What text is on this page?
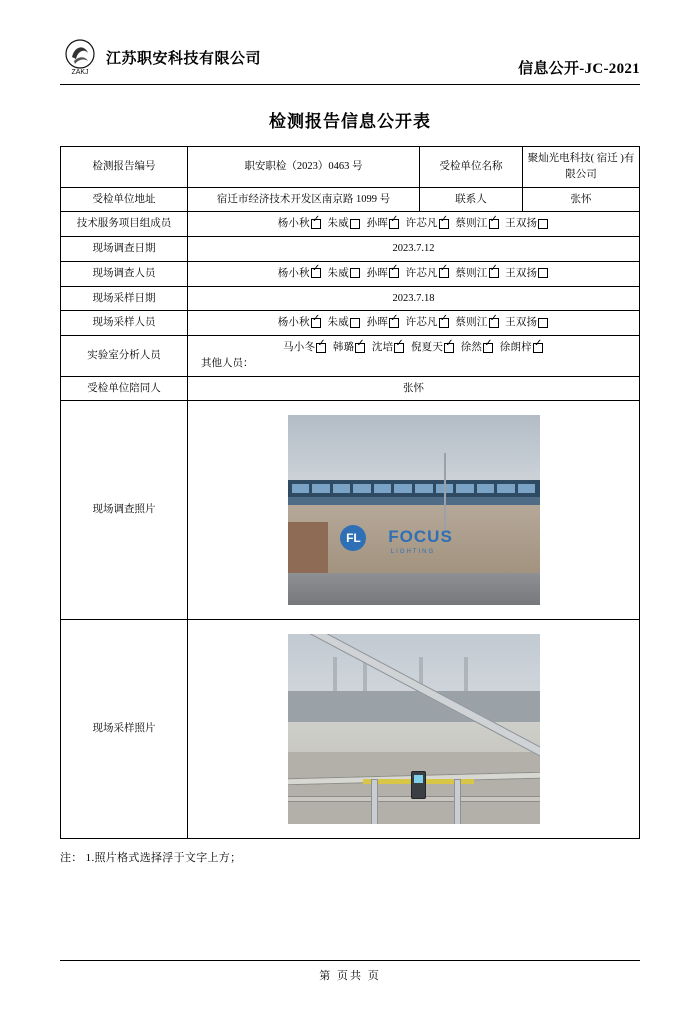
ZAKJ
江苏职安科技有限公司
信息公开-JC-2021
检测报告信息公开表
检测报告编号	职安职检（2023）0463 号	受检单位名称	聚灿光电科技( 宿迁 )有限公司
受检单位地址	宿迁市经济技术开发区南京路 1099 号	联系人	张怀
技术服务项目组成员	杨小秋 ✓ 朱威 孙晖 ✓ 许芯凡 ✓ 蔡则江 ✓ 王双扬
现场调查日期	2023.7.12		
现场调查人员	杨小秋 ✓ 朱威 孙晖 ✓ 许芯凡 ✓ 蔡则江 ✓ 王双扬
现场采样日期	2023.7.18		
现场采样人员	杨小秋 ✓ 朱威 孙晖 ✓ 许芯凡 ✓ 蔡则江 ✓ 王双扬
实验室分析人员	马小冬 ✓ 韩璐 ✓ 沈培 ✓ 倪夏天 ✓ 徐然 ✓ 徐朗梓✓
其他人员：

受检单位陪同人	张怀		
现场调查照片	FL FOCUS
LIGHTING		

现场采样照片			
注： 1.照片格式选择浮于文字上方；
第 页共 页
